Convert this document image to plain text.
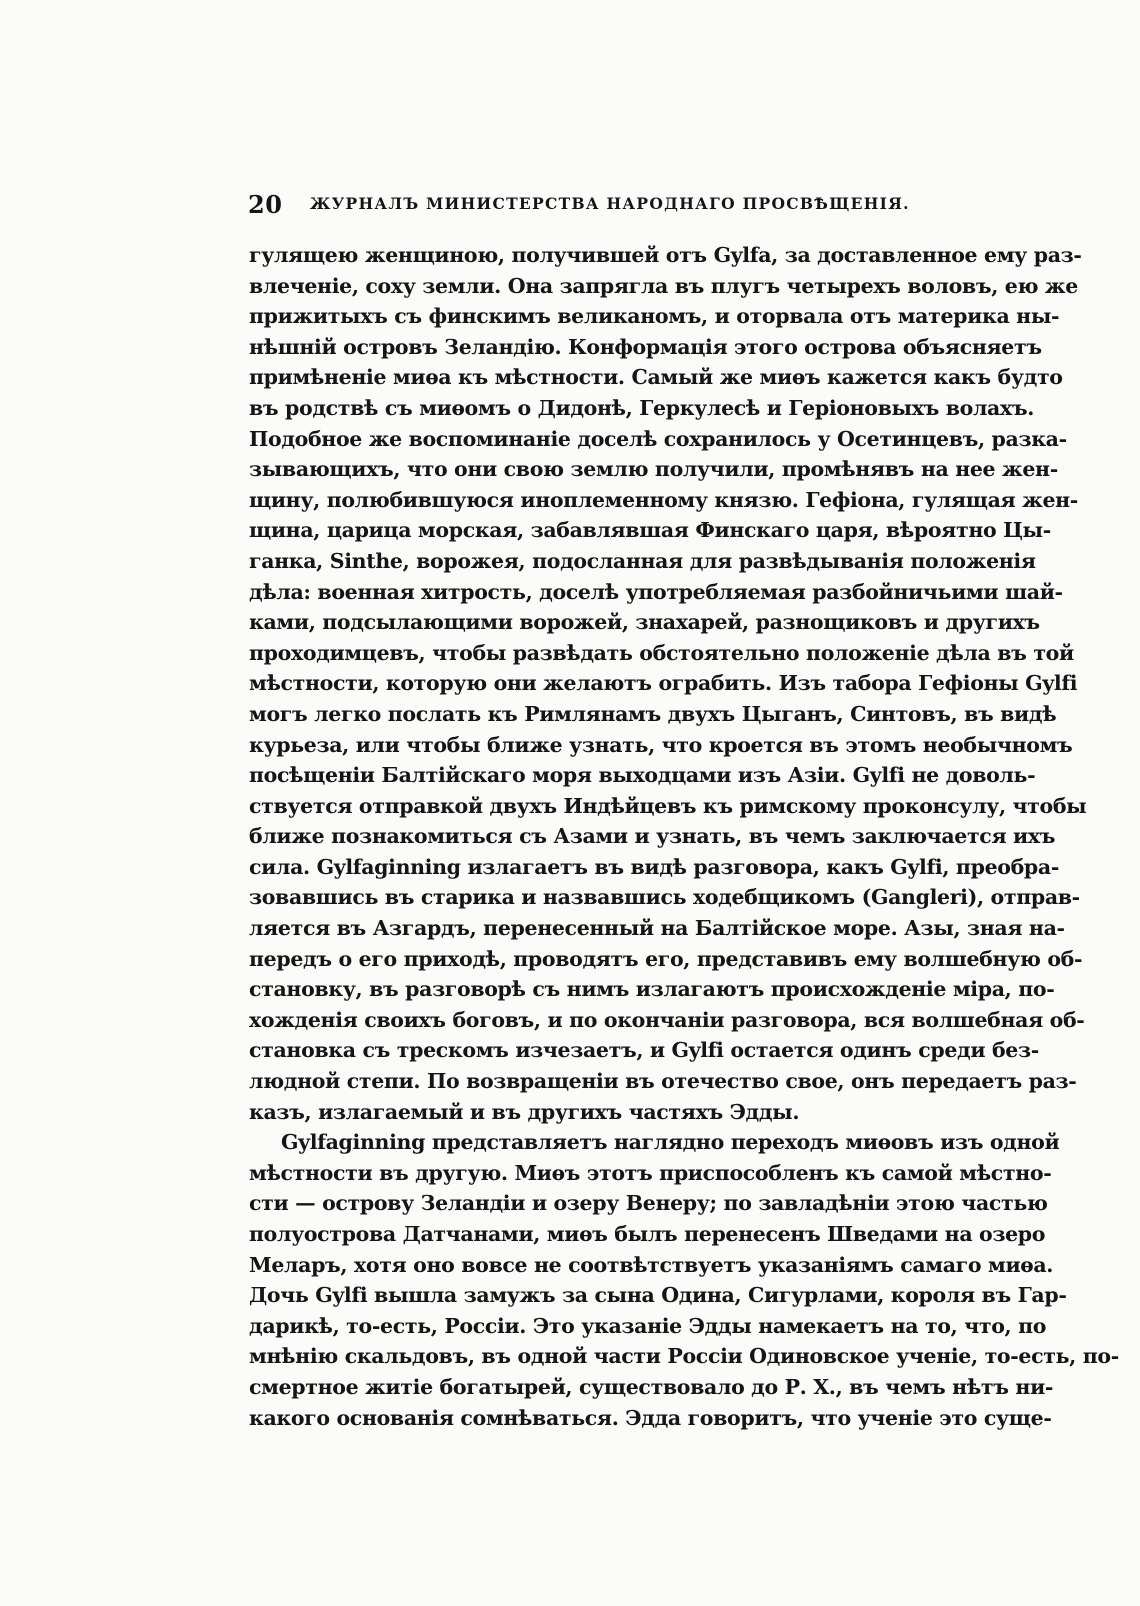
20 ЖУРНАЛЪ МИНИСТЕРСТВА НАРОДНАГО ПРОСВѢЩЕНІЯ.
гулящею женщиною, получившей отъ Gylfa, за доставленное ему раз-
влеченіе, соху земли. Она запрягла въ плугъ четырехъ воловъ, ею же
прижитыхъ съ финскимъ великаномъ, и оторвала отъ материка ны-
нѣшній островъ Зеландію. Конформація этого острова объясняетъ
примѣненіе миѳа къ мѣстности. Самый же миѳъ кажется какъ будто
въ родствѣ съ миѳомъ о Дидонѣ, Геркулесѣ и Геріоновыхъ волахъ.
Подобное же воспоминаніе доселѣ сохранилось у Осетинцевъ, разка-
зывающихъ, что они свою землю получили, промѣнявъ на нее жен-
щину, полюбившуюся иноплеменному князю. Гефіона, гулящая жен-
щина, царица морская, забавлявшая Финскаго царя, вѣроятно Цы-
ганка, Sinthe, ворожея, подосланная для развѣдыванія положенія
дѣла: военная хитрость, доселѣ употребляемая разбойничьими шай-
ками, подсылающими ворожей, знахарей, разнощиковъ и другихъ
проходимцевъ, чтобы развѣдать обстоятельно положеніе дѣла въ той
мѣстности, которую они желаютъ ограбить. Изъ табора Гефіоны Gylfi
могъ легко послать къ Римлянамъ двухъ Цыганъ, Синтовъ, въ видѣ
курьеза, или чтобы ближе узнать, что кроется въ этомъ необычномъ
посѣщеніи Балтійскаго моря выходцами изъ Азіи. Gylfi не доволь-
ствуется отправкой двухъ Индѣйцевъ къ римскому проконсулу, чтобы
ближе познакомиться съ Азами и узнать, въ чемъ заключается ихъ
сила. Gylfaginning излагаетъ въ видѣ разговора, какъ Gylfi, преобра-
зовавшись въ старика и назвавшись ходебщикомъ (Gangleri), отправ-
ляется въ Азгардъ, перенесенный на Балтійское море. Азы, зная на-
передъ о его приходѣ, проводятъ его, представивъ ему волшебную об-
становку, въ разговорѣ съ нимъ излагаютъ происхожденіе міра, по-
хожденія своихъ боговъ, и по окончаніи разговора, вся волшебная об-
становка съ трескомъ изчезаетъ, и Gylfi остается одинъ среди без-
людной степи. По возвращеніи въ отечество свое, онъ передаетъ раз-
казъ, излагаемый и въ другихъ частяхъ Эдды.
Gylfaginning представляетъ наглядно переходъ миѳовъ изъ одной
мѣстности въ другую. Миѳъ этотъ приспособленъ къ самой мѣстно-
сти — острову Зеландіи и озеру Венеру; по завладѣніи этою частью
полуострова Датчанами, миѳъ былъ перенесенъ Шведами на озеро
Меларъ, хотя оно вовсе не соотвѣтствуетъ указаніямъ самаго миѳа.
Дочь Gylfi вышла замужъ за сына Одина, Сигурлами, короля въ Гар-
дарикѣ, то-есть, Россіи. Это указаніе Эдды намекаетъ на то, что, по
мнѣнію скальдовъ, въ одной части Россіи Одиновское ученіе, то-есть, по-
смертное житіе богатырей, существовало до Р. Х., въ чемъ нѣтъ ни-
какого основанія сомнѣваться. Эдда говоритъ, что ученіе это суще-
